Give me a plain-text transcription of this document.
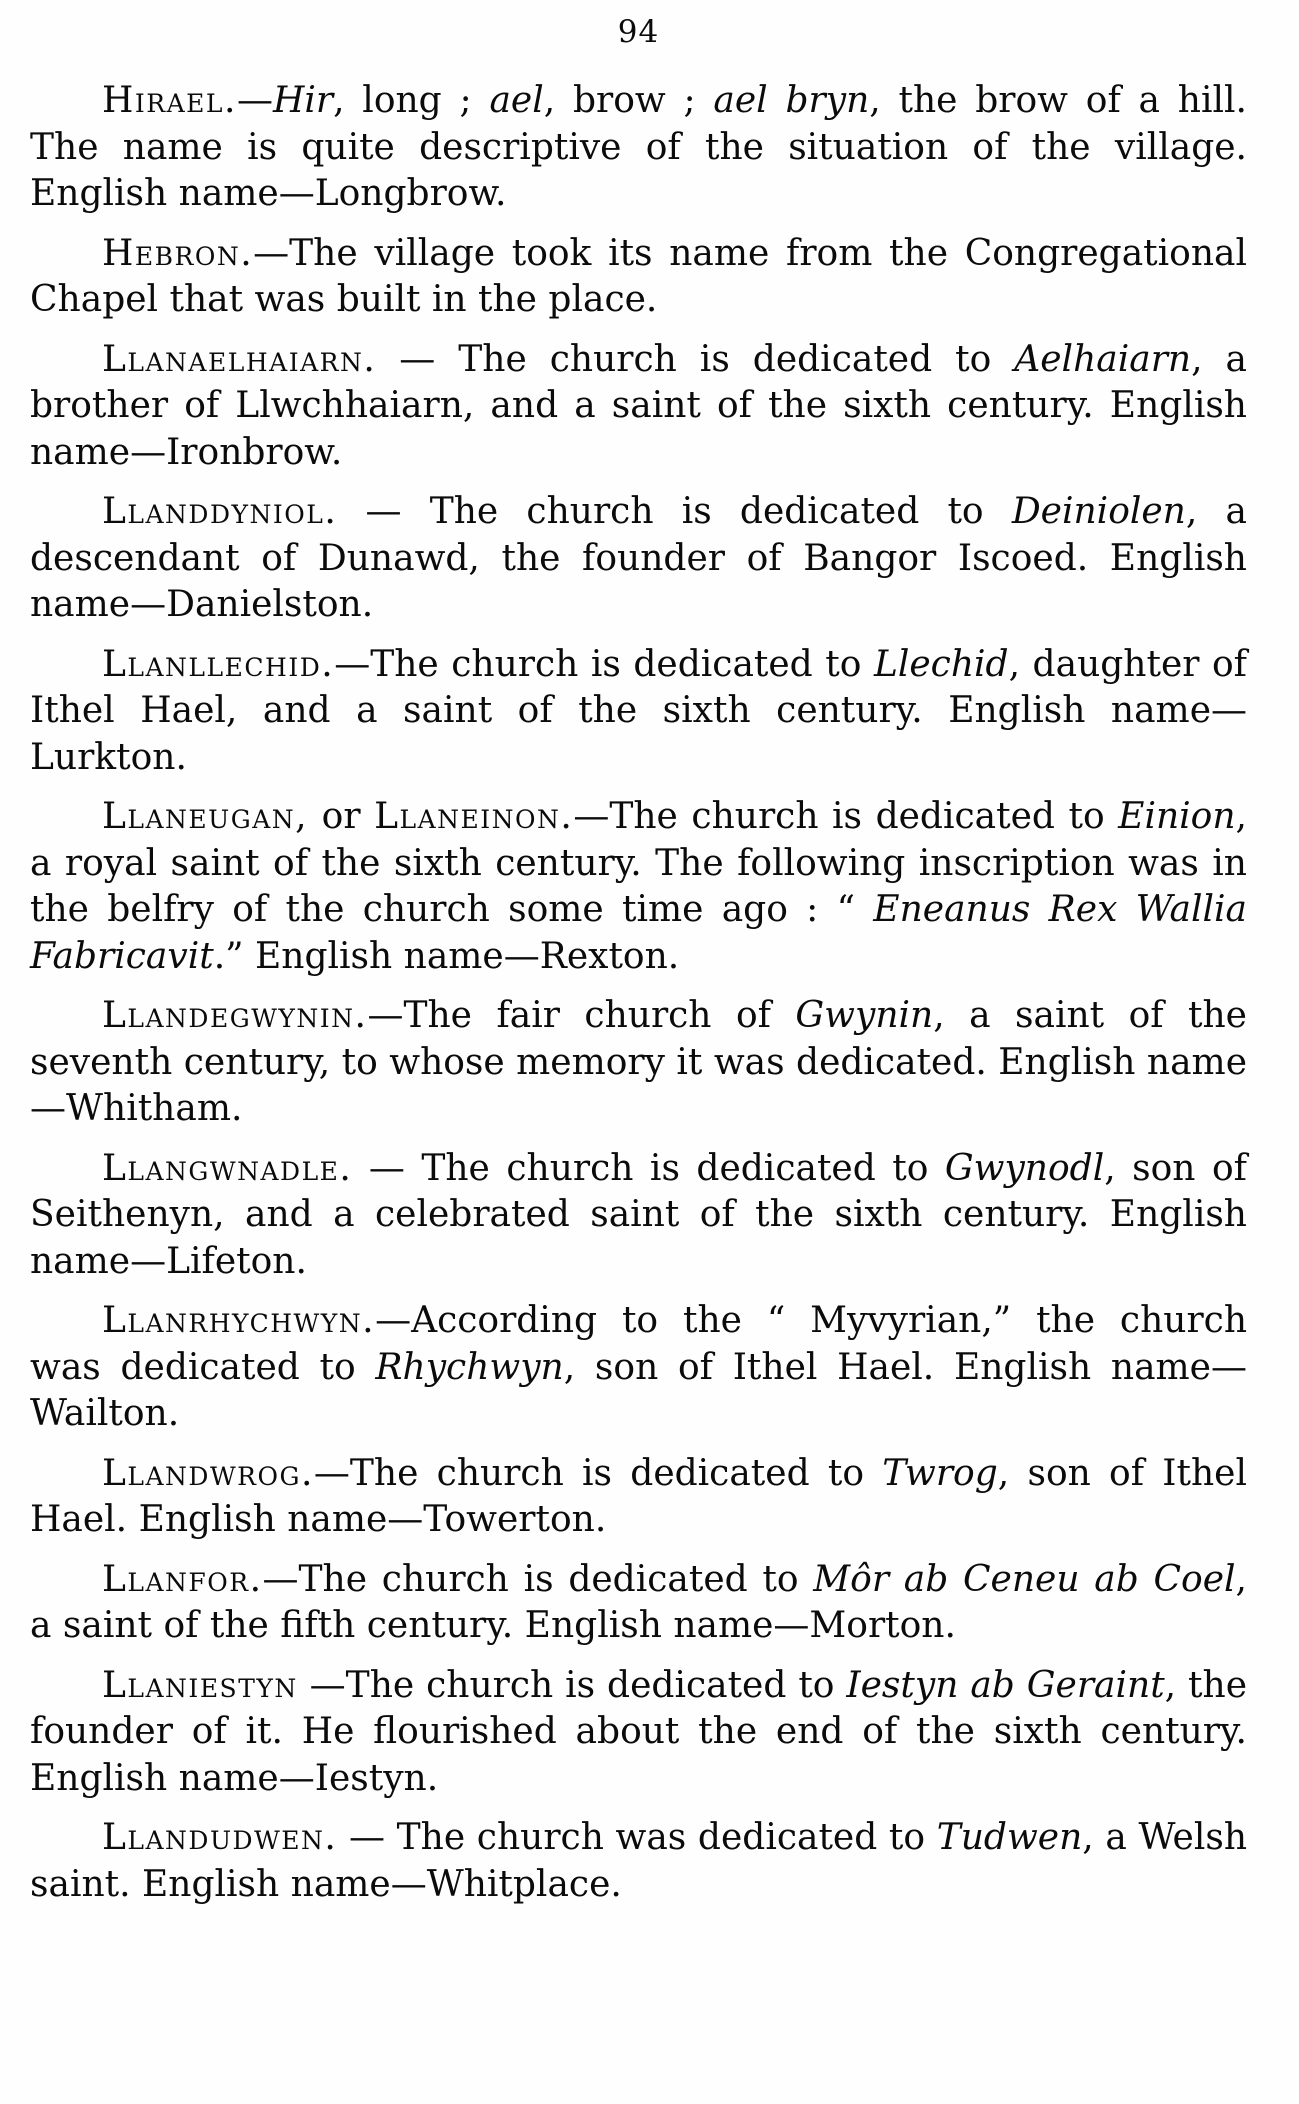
94

Hirael.—Hir, long ; ael, brow ; ael bryn, the brow of a hill. The name is quite descriptive of the situation of the village. English name—Longbrow.

Hebron.—The village took its name from the Congregational Chapel that was built in the place.

Llanaelhaiarn. — The church is dedicated to Aelhaiarn, a brother of Llwchhaiarn, and a saint of the sixth century. English name—Ironbrow.

Llanddyniol. — The church is dedicated to Deiniolen, a descendant of Dunawd, the founder of Bangor Iscoed. English name—Danielston.

Llanllechid.—The church is dedicated to Llechid, daughter of Ithel Hael, and a saint of the sixth century. English name—Lurkton.

Llaneugan, or Llaneinon.—The church is dedicated to Einion, a royal saint of the sixth century. The following inscription was in the belfry of the church some time ago : “ Eneanus Rex Wallia Fabricavit.” English name—Rexton.

Llandegwynin.—The fair church of Gwynin, a saint of the seventh century, to whose memory it was dedicated. English name—Whitham.

Llangwnadle. — The church is dedicated to Gwynodl, son of Seithenyn, and a celebrated saint of the sixth century. English name—Lifeton.

Llanrhychwyn.—According to the “ Myvyrian,” the church was dedicated to Rhychwyn, son of Ithel Hael. English name—Wailton.

Llandwrog.—The church is dedicated to Twrog, son of Ithel Hael. English name—Towerton.

Llanfor.—The church is dedicated to Môr ab Ceneu ab Coel, a saint of the fifth century. English name—Morton.

Llaniestyn —The church is dedicated to Iestyn ab Geraint, the founder of it. He flourished about the end of the sixth century. English name—Iestyn.

Llandudwen. — The church was dedicated to Tudwen, a Welsh saint. English name—Whitplace.
